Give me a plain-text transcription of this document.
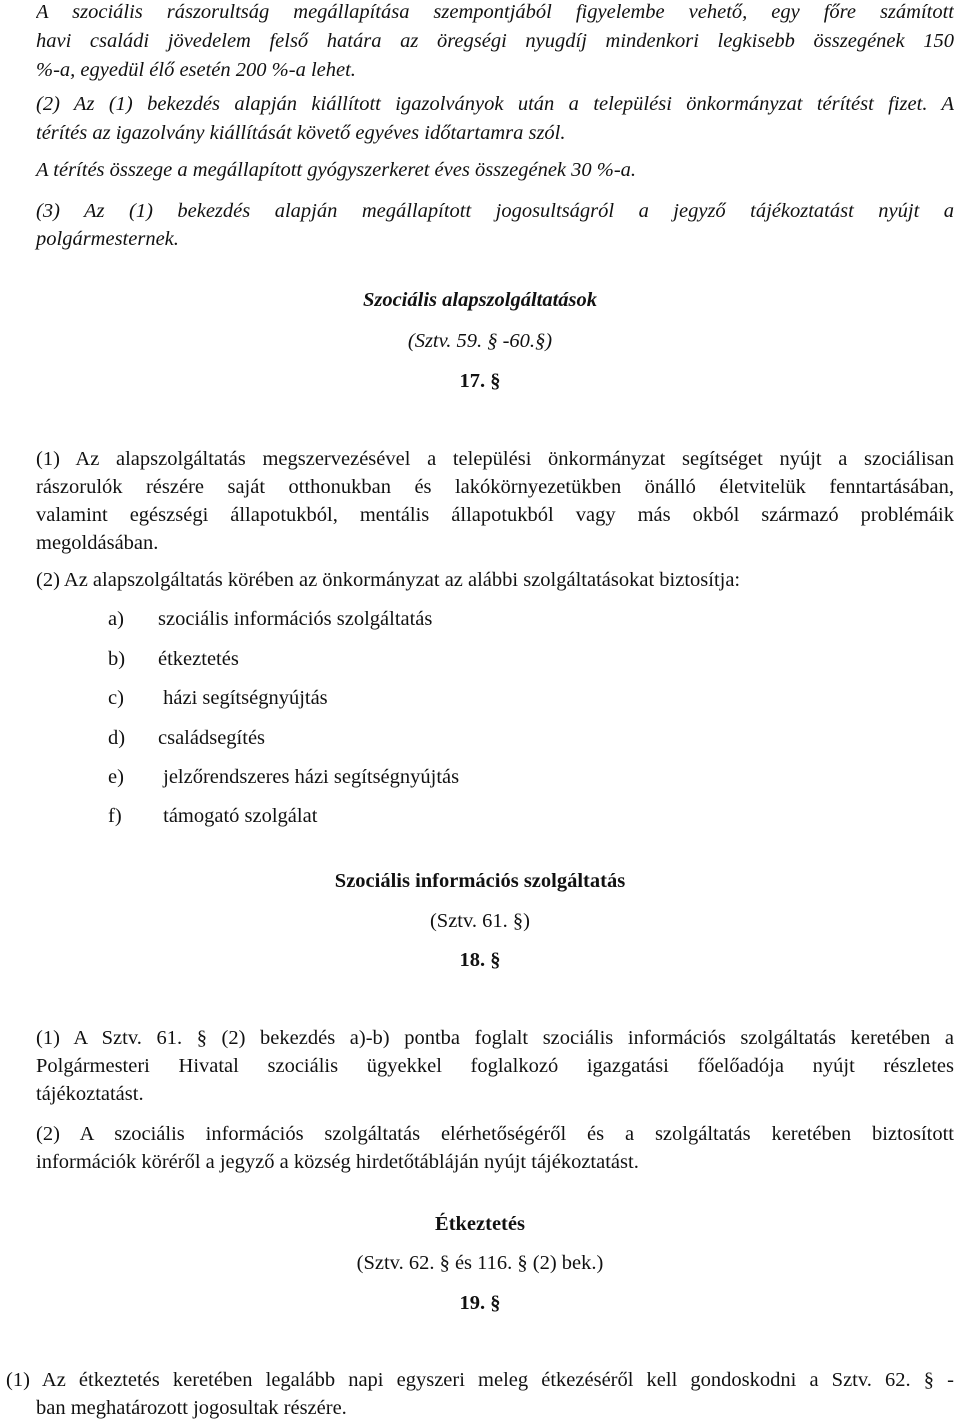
A szociális rászorultság megállapítása szempontjából figyelembe vehető, egy főre számított
havi családi jövedelem felső határa az öregségi nyugdíj mindenkori legkisebb összegének 150
%-a, egyedül élő esetén 200 %-a lehet.
(2) Az (1) bekezdés alapján kiállított igazolványok után a települési önkormányzat térítést fizet. A
térítés az igazolvány kiállítását követő egyéves időtartamra szól.
A térítés összege a megállapított gyógyszerkeret éves összegének 30 %-a.
(3) Az (1) bekezdés alapján megállapított jogosultságról a jegyző tájékoztatást nyújt a
polgármesternek.
Szociális alapszolgáltatások
(Sztv. 59. § -60.§)
17. §
(1) Az alapszolgáltatás megszervezésével a települési önkormányzat segítséget nyújt a szociálisan
rászorulók részére saját otthonukban és lakókörnyezetükben önálló életvitelük fenntartásában,
valamint egészségi állapotukból, mentális állapotukból vagy más okból származó problémáik
megoldásában.
(2) Az alapszolgáltatás körében az önkormányzat az alábbi szolgáltatásokat biztosítja:
a) szociális információs szolgáltatás
b) étkeztetés
c) házi segítségnyújtás
d) családsegítés
e) jelzőrendszeres házi segítségnyújtás
f) támogató szolgálat
Szociális információs szolgáltatás
(Sztv. 61. §)
18. §
(1) A Sztv. 61. § (2) bekezdés a)-b) pontba foglalt szociális információs szolgáltatás keretében a
Polgármesteri Hivatal szociális ügyekkel foglalkozó igazgatási főelőadója nyújt részletes
tájékoztatást.
(2) A szociális információs szolgáltatás elérhetőségéről és a szolgáltatás keretében biztosított
információk köréről a jegyző a község hirdetőtábláján nyújt tájékoztatást.
Étkeztetés
(Sztv. 62. § és 116. § (2) bek.)
19. §
(1) Az étkeztetés keretében legalább napi egyszeri meleg étkezéséről kell gondoskodni a Sztv. 62. § -
ban meghatározott jogosultak részére.
